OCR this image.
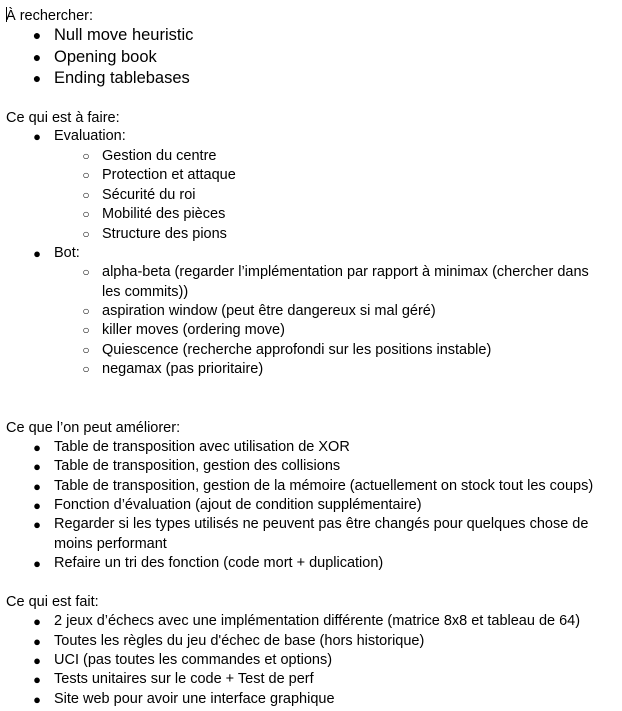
À rechercher:
● Null move heuristic
● Opening book
● Ending tablebases
Ce qui est à faire:
● Evaluation:
○ Gestion du centre
○ Protection et attaque
○ Sécurité du roi
○ Mobilité des pièces
○ Structure des pions
● Bot:
○ alpha-beta (regarder l’implémentation par rapport à minimax (chercher dans les commits))
○ aspiration window (peut être dangereux si mal géré)
○ killer moves (ordering move)
○ Quiescence (recherche approfondi sur les positions instable)
○ negamax (pas prioritaire)
Ce que l’on peut améliorer:
● Table de transposition avec utilisation de XOR
● Table de transposition, gestion des collisions
● Table de transposition, gestion de la mémoire (actuellement on stock tout les coups)
● Fonction d’évaluation (ajout de condition supplémentaire)
● Regarder si les types utilisés ne peuvent pas être changés pour quelques chose de moins performant
● Refaire un tri des fonction (code mort + duplication)
Ce qui est fait:
● 2 jeux d’échecs avec une implémentation différente (matrice 8x8 et tableau de 64)
● Toutes les règles du jeu d'échec de base (hors historique)
● UCI (pas toutes les commandes et options)
● Tests unitaires sur le code + Test de perf
● Site web pour avoir une interface graphique
